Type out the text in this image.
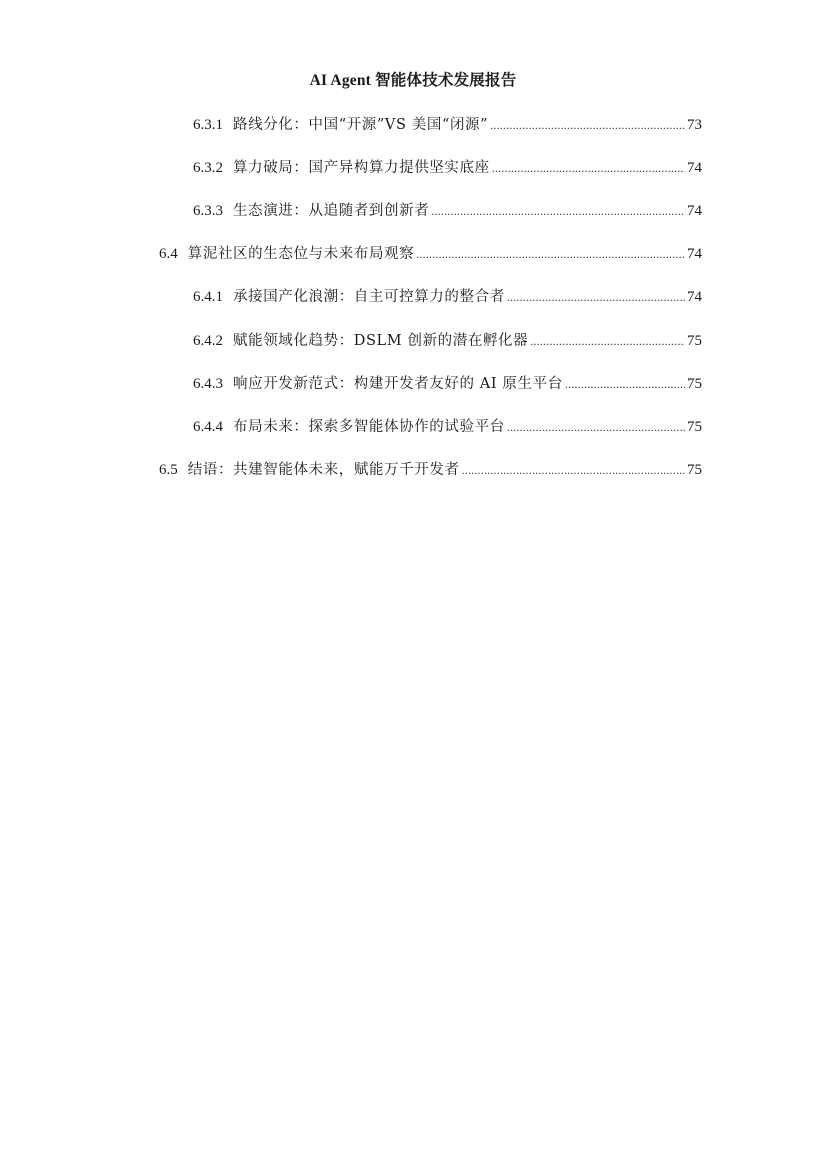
AI Agent 智能体技术发展报告
6.3.1 路线分化：中国“开源”VS 美国“闭源” .....	73
6.3.2 算力破局：国产异构算力提供坚实底座 .....	74
6.3.3 生态演进：从追随者到创新者 .....	74
6.4 算泥社区的生态位与未来布局观察 .....	74
6.4.1 承接国产化浪潮：自主可控算力的整合者 .....	74
6.4.2 赋能领域化趋势：DSLM 创新的潜在孵化器 .....	75
6.4.3 响应开发新范式：构建开发者友好的 AI 原生平台 .....	75
6.4.4 布局未来：探索多智能体协作的试验平台 .....	75
6.5 结语：共建智能体未来，赋能万千开发者 .....	75
